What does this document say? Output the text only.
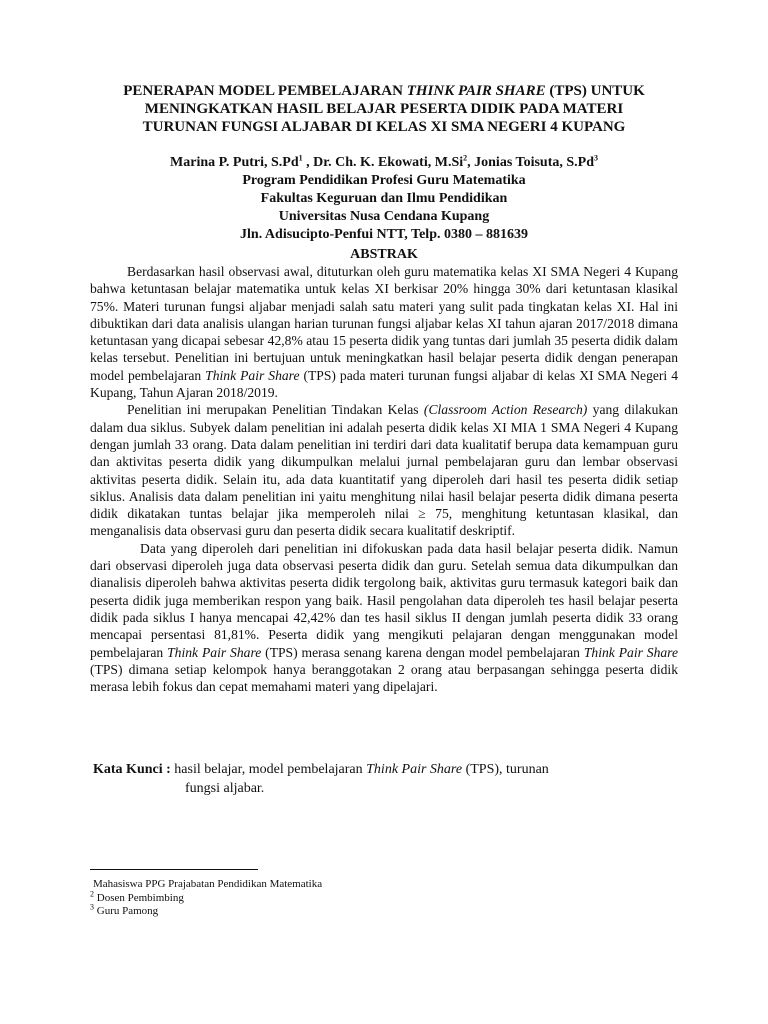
PENERAPAN MODEL PEMBELAJARAN THINK PAIR SHARE (TPS) UNTUK
MENINGKATKAN HASIL BELAJAR PESERTA DIDIK PADA MATERI
TURUNAN FUNGSI ALJABAR DI KELAS XI SMA NEGERI 4 KUPANG
Marina P. Putri, S.Pd$^1$ , Dr. Ch. K. Ekowati, M.Si$^2$, Jonias Toisuta, S.Pd$^3$
Program Pendidikan Profesi Guru Matematika
Fakultas Keguruan dan Ilmu Pendidikan
Universitas Nusa Cendana Kupang
Jln. Adisucipto-Penfui NTT, Telp. 0380 – 881639
ABSTRAK

Berdasarkan hasil observasi awal, dituturkan oleh guru matematika kelas XI SMA Negeri 4 Kupang bahwa ketuntasan belajar matematika untuk kelas XI berkisar 20% hingga 30% dari ketuntasan klasikal 75%. Materi turunan fungsi aljabar menjadi salah satu materi yang sulit pada tingkatan kelas XI. Hal ini dibuktikan dari data analisis ulangan harian turunan fungsi aljabar kelas XI tahun ajaran 2017/2018 dimana ketuntasan yang dicapai sebesar 42,8% atau 15 peserta didik yang tuntas dari jumlah 35 peserta didik dalam kelas tersebut. Penelitian ini bertujuan untuk meningkatkan hasil belajar peserta didik dengan penerapan model pembelajaran Think Pair Share (TPS) pada materi turunan fungsi aljabar di kelas XI SMA Negeri 4 Kupang, Tahun Ajaran 2018/2019.

Penelitian ini merupakan Penelitian Tindakan Kelas (Classroom Action Research) yang dilakukan dalam dua siklus. Subyek dalam penelitian ini adalah peserta didik kelas XI MIA 1 SMA Negeri 4 Kupang dengan jumlah 33 orang. Data dalam penelitian ini terdiri dari data kualitatif berupa data kemampuan guru dan aktivitas peserta didik yang dikumpulkan melalui jurnal pembelajaran guru dan lembar observasi aktivitas peserta didik. Selain itu, ada data kuantitatif yang diperoleh dari hasil tes peserta didik setiap siklus. Analisis data dalam penelitian ini yaitu menghitung nilai hasil belajar peserta didik dimana peserta didik dikatakan tuntas belajar jika memperoleh nilai ≥ 75, menghitung ketuntasan klasikal, dan menganalisis data observasi guru dan peserta didik secara kualitatif deskriptif.

Data yang diperoleh dari penelitian ini difokuskan pada data hasil belajar peserta didik. Namun dari observasi diperoleh juga data observasi peserta didik dan guru. Setelah semua data dikumpulkan dan dianalisis diperoleh bahwa aktivitas peserta didik tergolong baik, aktivitas guru termasuk kategori baik dan peserta didik juga memberikan respon yang baik. Hasil pengolahan data diperoleh tes hasil belajar peserta didik pada siklus I hanya mencapai 42,42% dan tes hasil siklus II dengan jumlah peserta didik 33 orang mencapai persentasi 81,81%. Peserta didik yang mengikuti pelajaran dengan menggunakan model pembelajaran Think Pair Share (TPS) merasa senang karena dengan model pembelajaran Think Pair Share (TPS) dimana setiap kelompok hanya beranggotakan 2 orang atau berpasangan sehingga peserta didik merasa lebih fokus dan cepat memahami materi yang dipelajari.

Kata Kunci : hasil belajar, model pembelajaran Think Pair Share (TPS), turunan
fungsi aljabar.
Mahasiswa PPG Prajabatan Pendidikan Matematika
$^2$ Dosen Pembimbing
$^3$ Guru Pamong
